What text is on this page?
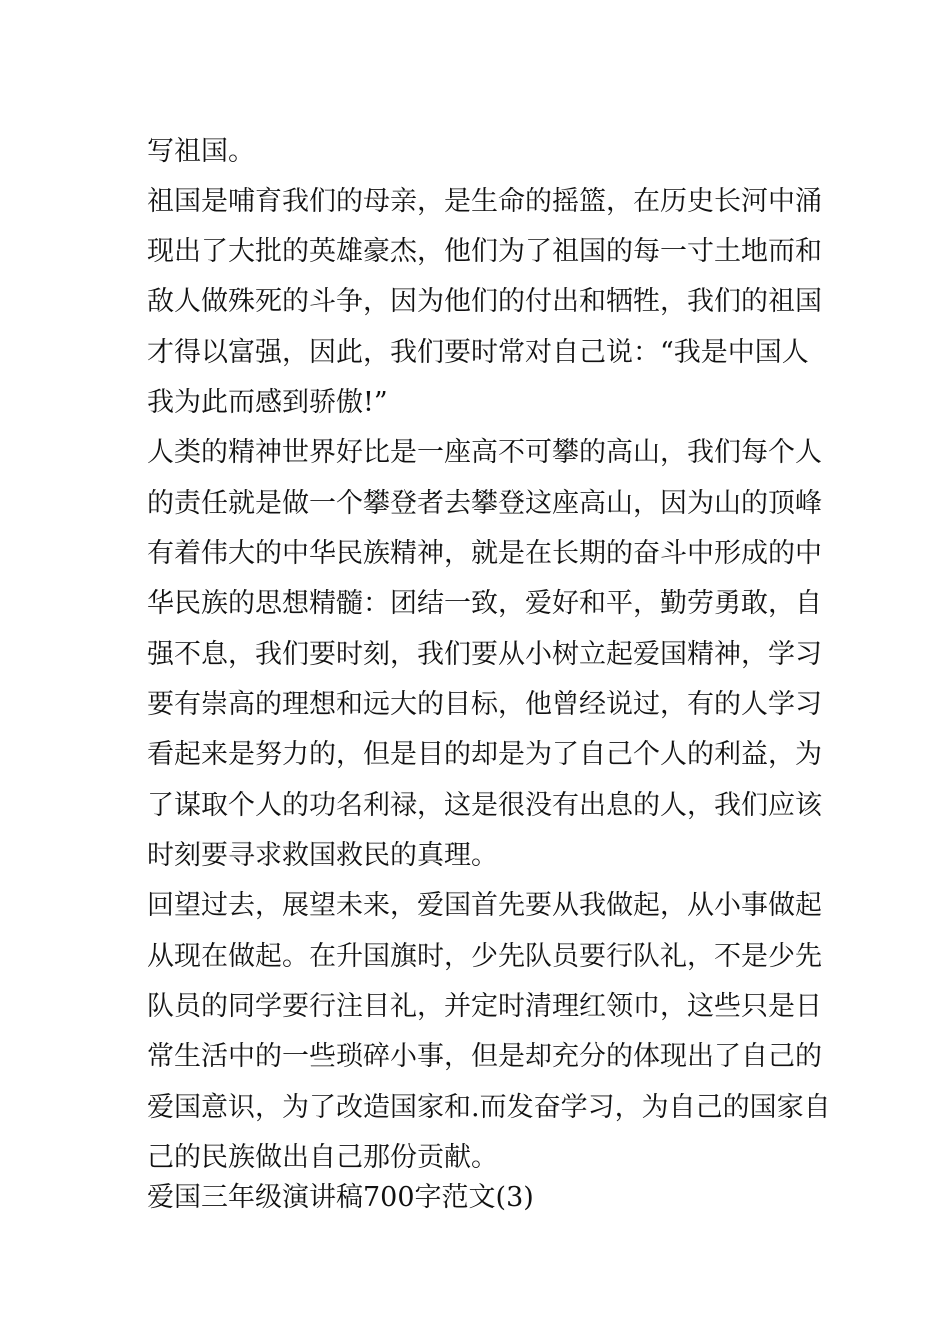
写祖国。
祖国是哺育我们的母亲，是生命的摇篮，在历史长河中涌
现出了大批的英雄豪杰，他们为了祖国的每一寸土地而和
敌人做殊死的斗争，因为他们的付出和牺牲，我们的祖国
才得以富强，因此，我们要时常对自己说：“我是中国人
我为此而感到骄傲!”
人类的精神世界好比是一座高不可攀的高山，我们每个人
的责任就是做一个攀登者去攀登这座高山，因为山的顶峰
有着伟大的中华民族精神，就是在长期的奋斗中形成的中
华民族的思想精髓：团结一致，爱好和平，勤劳勇敢，自
强不息，我们要时刻，我们要从小树立起爱国精神，学习
要有崇高的理想和远大的目标，他曾经说过，有的人学习
看起来是努力的，但是目的却是为了自己个人的利益，为
了谋取个人的功名利禄，这是很没有出息的人，我们应该
时刻要寻求救国救民的真理。
回望过去，展望未来，爱国首先要从我做起，从小事做起
从现在做起。在升国旗时，少先队员要行队礼，不是少先
队员的同学要行注目礼，并定时清理红领巾，这些只是日
常生活中的一些琐碎小事，但是却充分的体现出了自己的
爱国意识，为了改造国家和.而发奋学习，为自己的国家自
己的民族做出自己那份贡献。
爱国三年级演讲稿700字范文(3)
